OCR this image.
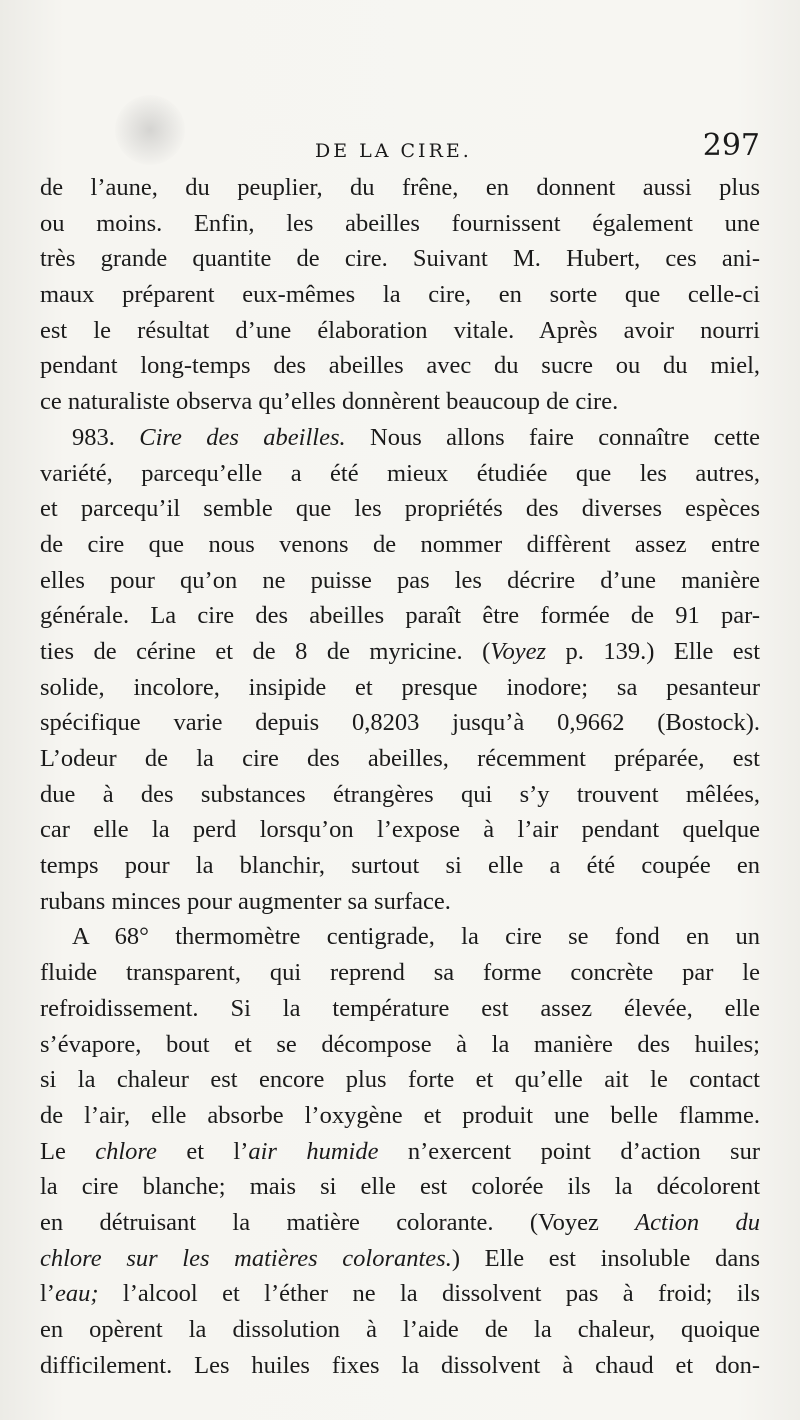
DE LA CIRE.	297
de l’aune, du peuplier, du frêne, en donnent aussi plus
ou moins. Enfin, les abeilles fournissent également une
très grande quantite de cire. Suivant M. Hubert, ces ani-
maux préparent eux-mêmes la cire, en sorte que celle-ci
est le résultat d’une élaboration vitale. Après avoir nourri
pendant long-temps des abeilles avec du sucre ou du miel,
ce naturaliste observa qu’elles donnèrent beaucoup de cire.
983. Cire des abeilles. Nous allons faire connaître cette
variété, parcequ’elle a été mieux étudiée que les autres,
et parcequ’il semble que les propriétés des diverses espèces
de cire que nous venons de nommer diffèrent assez entre
elles pour qu’on ne puisse pas les décrire d’une manière
générale. La cire des abeilles paraît être formée de 91 par-
ties de cérine et de 8 de myricine. (Voyez p. 139.) Elle est
solide, incolore, insipide et presque inodore; sa pesanteur
spécifique varie depuis 0,8203 jusqu’à 0,9662 (Bostock).
L’odeur de la cire des abeilles, récemment préparée, est
due à des substances étrangères qui s’y trouvent mêlées,
car elle la perd lorsqu’on l’expose à l’air pendant quelque
temps pour la blanchir, surtout si elle a été coupée en
rubans minces pour augmenter sa surface.
A 68° thermomètre centigrade, la cire se fond en un
fluide transparent, qui reprend sa forme concrète par le
refroidissement. Si la température est assez élevée, elle
s’évapore, bout et se décompose à la manière des huiles;
si la chaleur est encore plus forte et qu’elle ait le contact
de l’air, elle absorbe l’oxygène et produit une belle flamme.
Le chlore et l’air humide n’exercent point d’action sur
la cire blanche; mais si elle est colorée ils la décolorent
en détruisant la matière colorante. (Voyez Action du
chlore sur les matières colorantes.) Elle est insoluble dans
l’eau; l’alcool et l’éther ne la dissolvent pas à froid; ils
en opèrent la dissolution à l’aide de la chaleur, quoique
difficilement. Les huiles fixes la dissolvent à chaud et don-
